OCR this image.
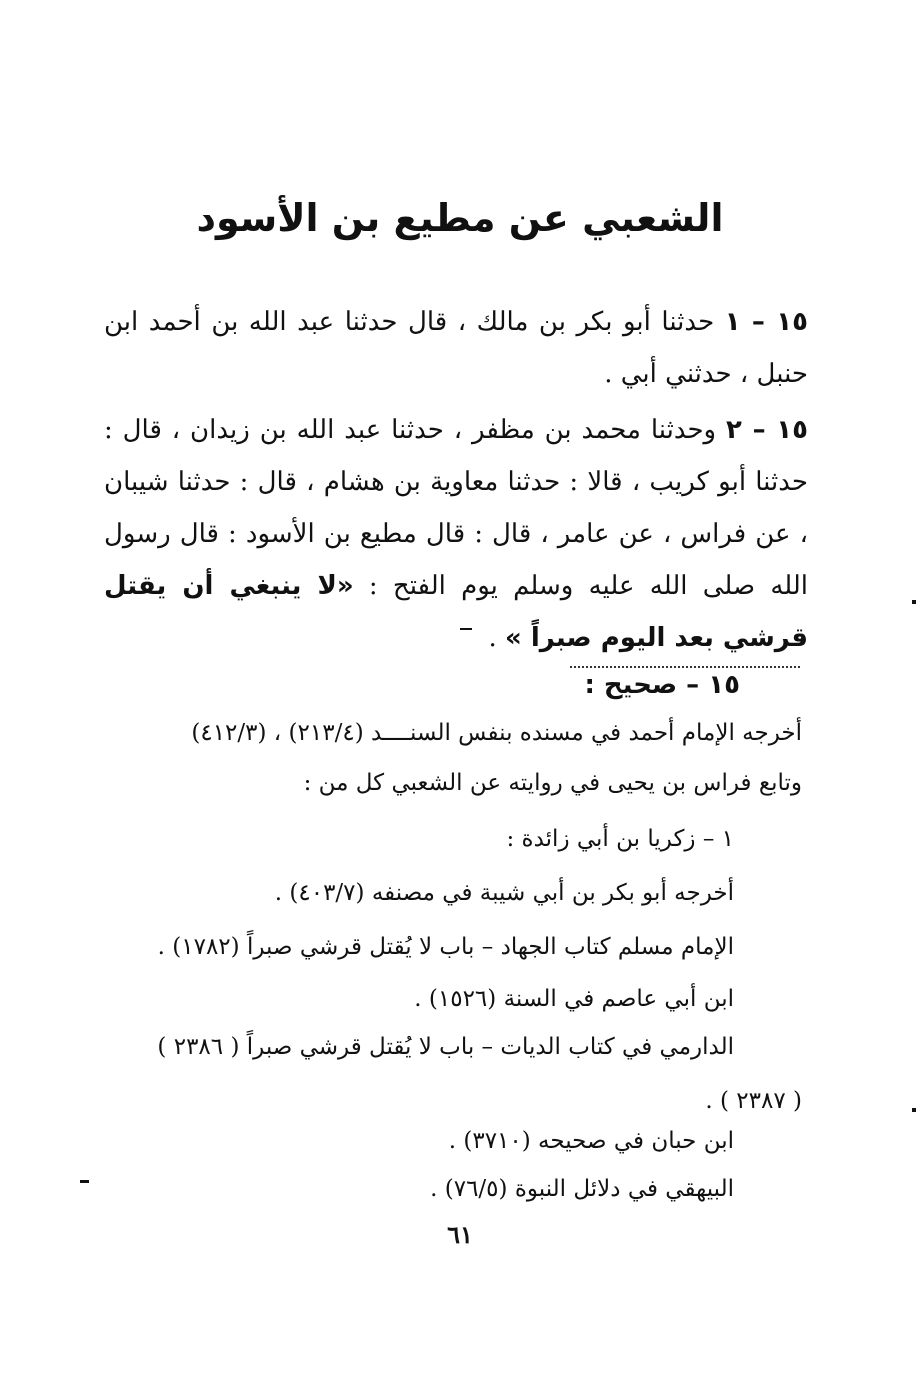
الشعبي عن مطيع بن الأسود
١٥ – ١ حدثنا أبو بكر بن مالك ، قال حدثنا عبد الله بن أحمد ابن حنبل ، حدثني أبي .
١٥ – ٢ وحدثنا محمد بن مظفر ، حدثنا عبد الله بن زيدان ، قال : حدثنا أبو كريب ، قالا : حدثنا معاوية بن هشام ، قال : حدثنا شيبان ، عن فراس ، عن عامر ، قال : قال مطيع بن الأسود : قال رسول الله صلى الله عليه وسلم يوم الفتح : «لا ينبغي أن يقتل قرشي بعد اليوم صبراً » .
١٥ – صحيح :
أخرجه الإمام أحمد في مسنده بنفس السنــــد (٢١٣/٤) ، (٤١٢/٣)
وتابع فراس بن يحيى في روايته عن الشعبي كل من :
١ – زكريا بن أبي زائدة :
أخرجه أبو بكر بن أبي شيبة في مصنفه (٤٠٣/٧) .
الإمام مسلم كتاب الجهاد – باب لا يُقتل قرشي صبراً (١٧٨٢) .
ابن أبي عاصم في السنة (١٥٢٦) .
الدارمي في كتاب الديات – باب لا يُقتل قرشي صبراً ( ٢٣٨٦ )
( ٢٣٨٧ ) .
ابن حبان في صحيحه (٣٧١٠) .
البيهقي في دلائل النبوة (٧٦/٥) .
٦١
